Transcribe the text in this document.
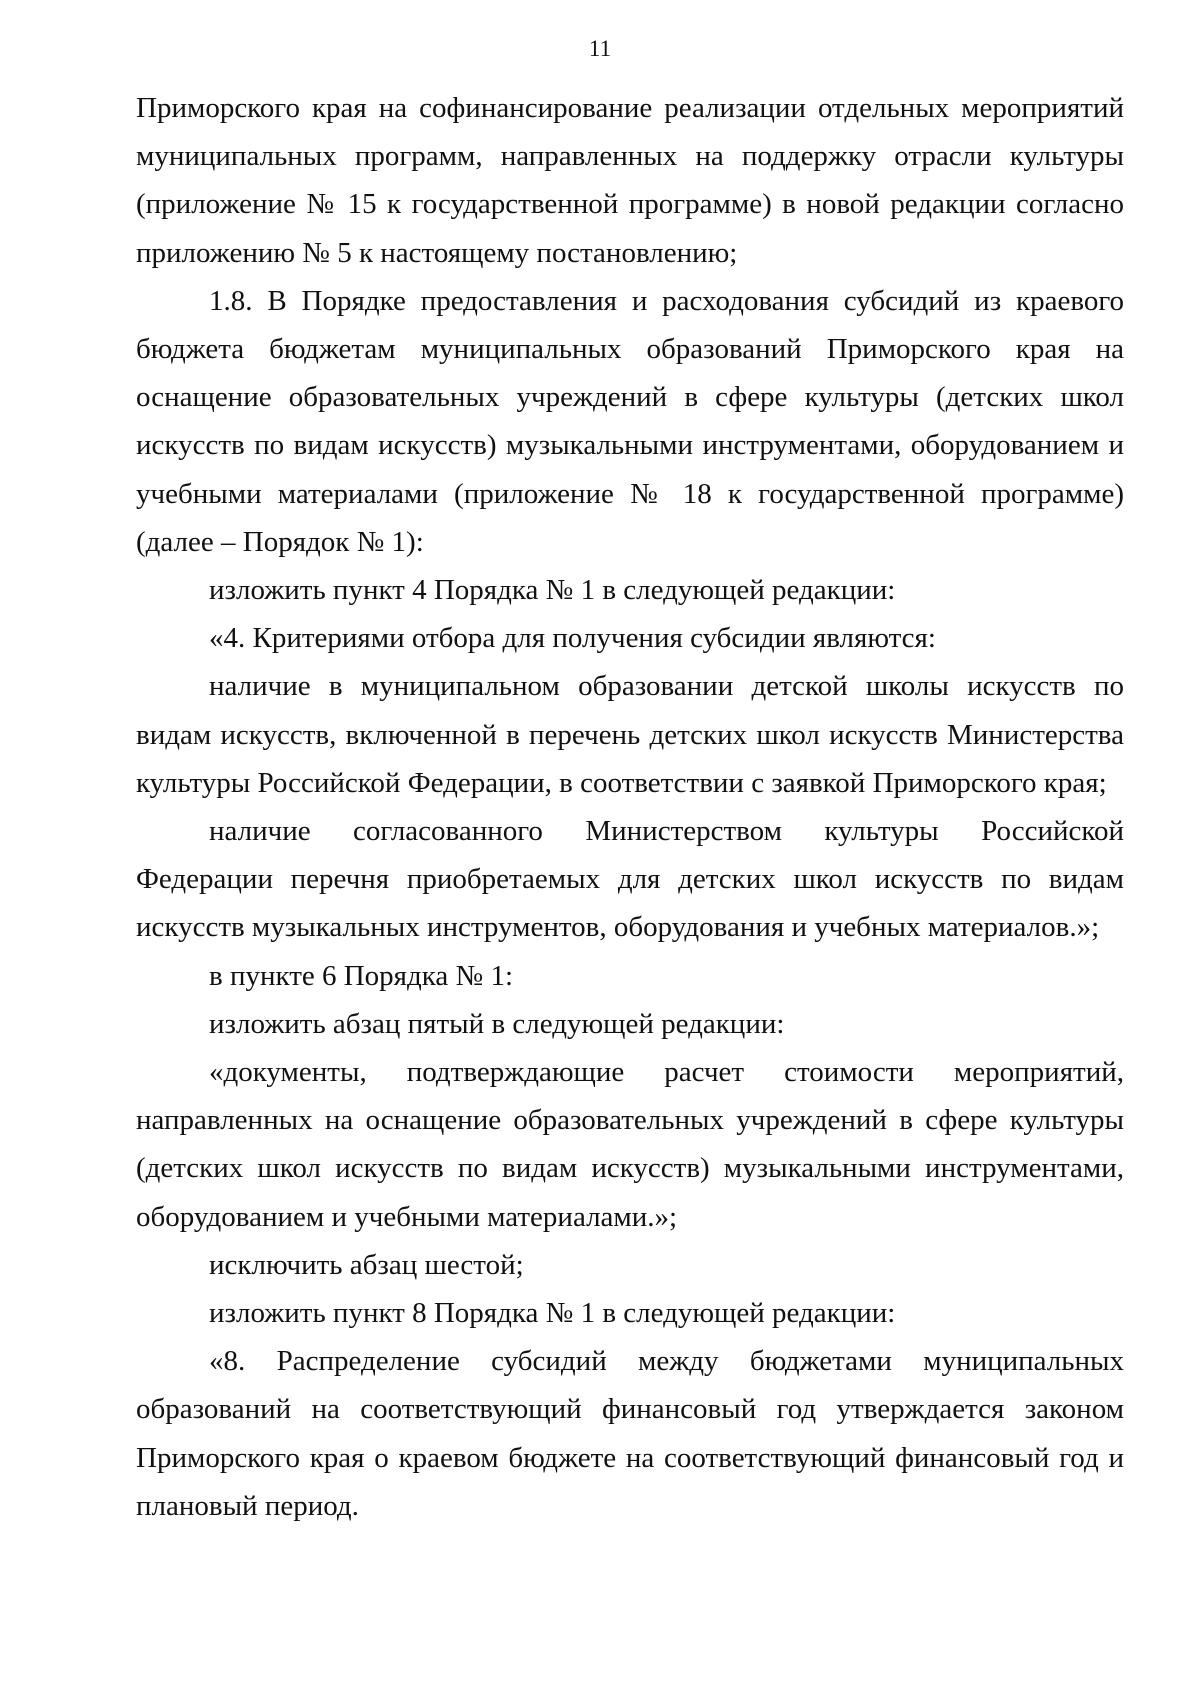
11

Приморского края на софинансирование реализации отдельных мероприятий муниципальных программ, направленных на поддержку отрасли культуры (приложение № 15 к государственной программе) в новой редакции согласно приложению № 5 к настоящему постановлению;

1.8. В Порядке предоставления и расходования субсидий из краевого бюджета бюджетам муниципальных образований Приморского края на оснащение образовательных учреждений в сфере культуры (детских школ искусств по видам искусств) музыкальными инструментами, оборудованием и учебными материалами (приложение № 18 к государственной программе) (далее – Порядок № 1):

изложить пункт 4 Порядка № 1 в следующей редакции:

«4. Критериями отбора для получения субсидии являются:

наличие в муниципальном образовании детской школы искусств по видам искусств, включенной в перечень детских школ искусств Министерства культуры Российской Федерации, в соответствии с заявкой Приморского края;

наличие согласованного Министерством культуры Российской Федерации перечня приобретаемых для детских школ искусств по видам искусств музыкальных инструментов, оборудования и учебных материалов.»;

в пункте 6 Порядка № 1:

изложить абзац пятый в следующей редакции:

«документы, подтверждающие расчет стоимости мероприятий, направленных на оснащение образовательных учреждений в сфере культуры (детских школ искусств по видам искусств) музыкальными инструментами, оборудованием и учебными материалами.»;

исключить абзац шестой;

изложить пункт 8 Порядка № 1 в следующей редакции:

«8. Распределение субсидий между бюджетами муниципальных образований на соответствующий финансовый год утверждается законом Приморского края о краевом бюджете на соответствующий финансовый год и плановый период.
